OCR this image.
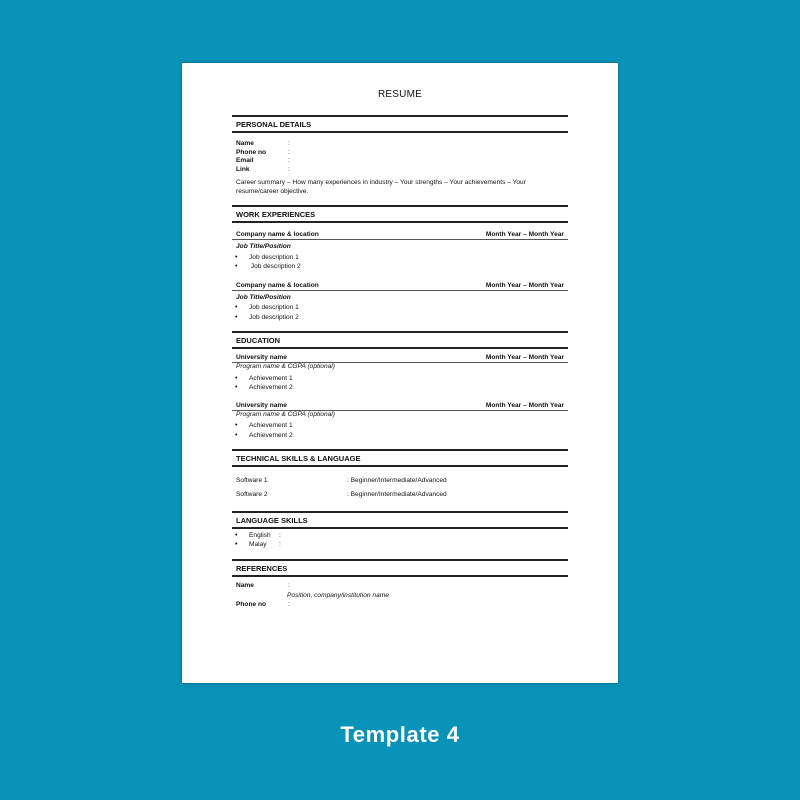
RESUME
PERSONAL DETAILS
Name	:
Phone no	:
Email	:
Link	:
Career summary – How many experiences in industry – Your strengths – Your achievements – Your resume/career objective.
WORK EXPERIENCES
Company name & location	Month Year – Month Year
Job Title/Position
• Job description 1
•  Job description 2
Company name & location	Month Year – Month Year
Job Title/Position
• Job description 1
• Job description 2
EDUCATION
University name	Month Year – Month Year
Program name & CGPA (optional)
• Achievement 1
• Achievement 2
University name	Month Year – Month Year
Program name & CGPA (optional)
• Achievement 1
• Achievement 2
TECHNICAL SKILLS & LANGUAGE
Software 1	: Beginner/Intermediate/Advanced
Software 2	: Beginner/Intermediate/Advanced
LANGUAGE SKILLS
• English :
• Malay :
REFERENCES
Name	:
Position, company/institution name
Phone no	:
Template 4
